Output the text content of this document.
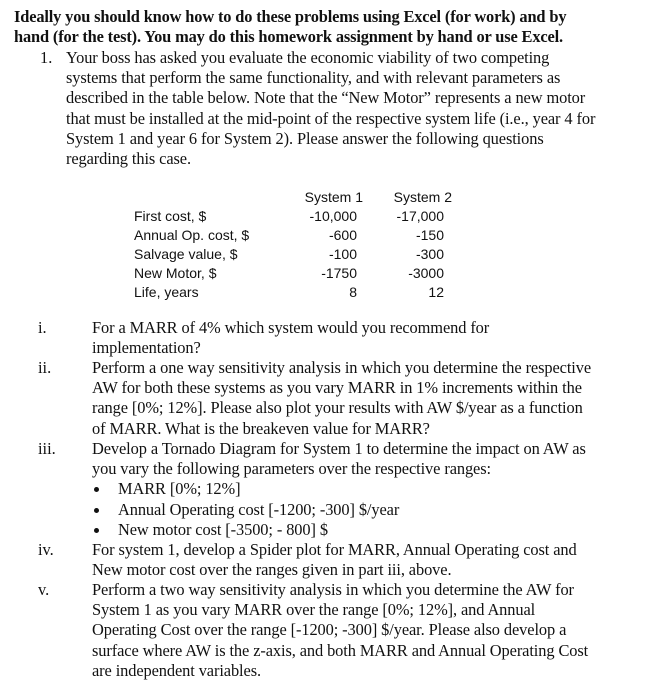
Ideally you should know how to do these problems using Excel (for work) and by
hand (for the test). You may do this homework assignment by hand or use Excel.
1. Your boss has asked you evaluate the economic viability of two competing
systems that perform the same functionality, and with relevant parameters as
described in the table below. Note that the “New Motor” represents a new motor
that must be installed at the mid-point of the respective system life (i.e., year 4 for
System 1 and year 6 for System 2). Please answer the following questions
regarding this case.
System 1 System 2
First cost, $	-10,000	-17,000
Annual Op. cost, $	-600	-150
Salvage value, $	-100	-300
New Motor, $	-1750	-3000
Life, years	8	12
i.	For a MARR of 4% which system would you recommend for
implementation?
ii. Perform a one way sensitivity analysis in which you determine the respective
AW for both these systems as you vary MARR in 1% increments within the
range [0%; 12%]. Please also plot your results with AW $/year as a function
of MARR. What is the breakeven value for MARR?
iii. Develop a Tornado Diagram for System 1 to determine the impact on AW as
you vary the following parameters over the respective ranges:
MARR [0%; 12%]
Annual Operating cost [-1200; -300] $/year
New motor cost [-3500; - 800] $
iv. For system 1, develop a Spider plot for MARR, Annual Operating cost and
New motor cost over the ranges given in part iii, above.
v.	Perform a two way sensitivity analysis in which you determine the AW for
System 1 as you vary MARR over the range [0%; 12%], and Annual
Operating Cost over the range [-1200; -300] $/year. Please also develop a
surface where AW is the z-axis, and both MARR and Annual Operating Cost
are independent variables.
